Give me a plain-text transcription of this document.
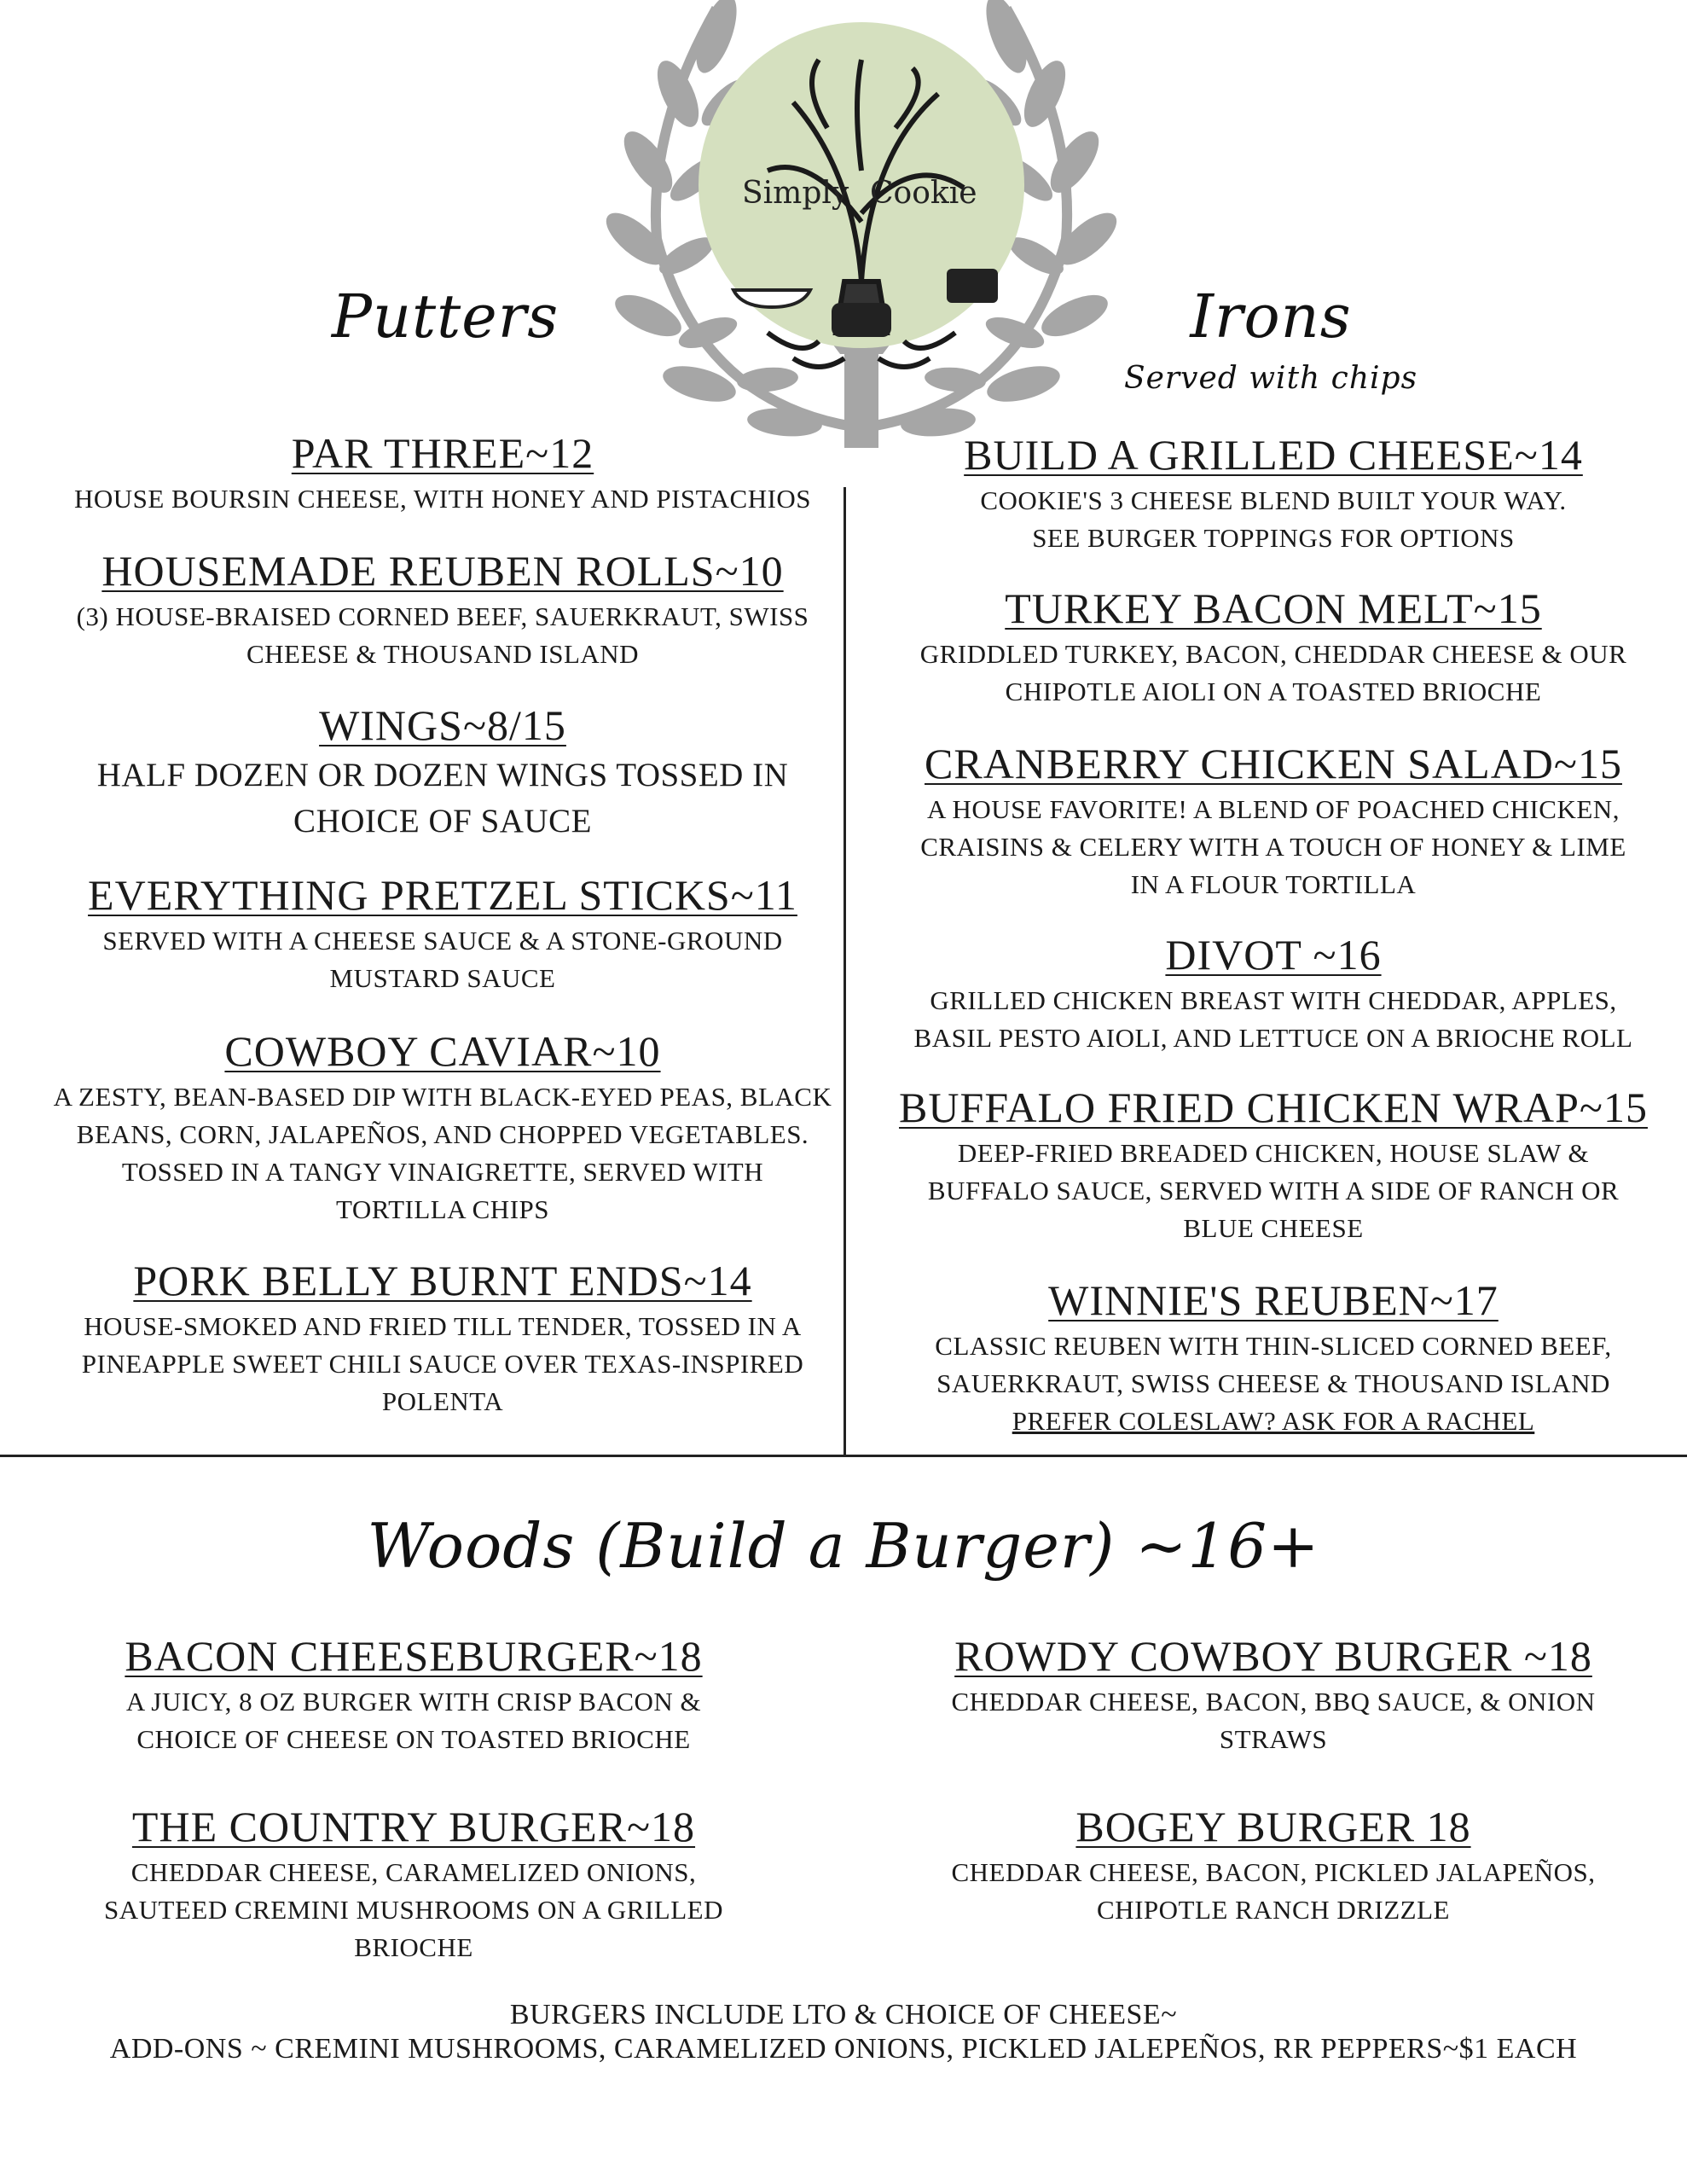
Simply Cookie
Putters	Irons
Served with chips
PAR THREE~12
HOUSE BOURSIN CHEESE, WITH HONEY AND PISTACHIOS
HOUSEMADE REUBEN ROLLS~10
(3) HOUSE-BRAISED CORNED BEEF, SAUERKRAUT, SWISS
CHEESE & THOUSAND ISLAND
WINGS~8/15
HALF DOZEN OR DOZEN WINGS TOSSED IN
CHOICE OF SAUCE
EVERYTHING PRETZEL STICKS~11
SERVED WITH A CHEESE SAUCE & A STONE-GROUND
MUSTARD SAUCE
COWBOY CAVIAR~10
A ZESTY, BEAN-BASED DIP WITH BLACK-EYED PEAS, BLACK
BEANS, CORN, JALAPEÑOS, AND CHOPPED VEGETABLES.
TOSSED IN A TANGY VINAIGRETTE, SERVED WITH
TORTILLA CHIPS
PORK BELLY BURNT ENDS~14
HOUSE-SMOKED AND FRIED TILL TENDER, TOSSED IN A
PINEAPPLE SWEET CHILI SAUCE OVER TEXAS-INSPIRED
POLENTA
BUILD A GRILLED CHEESE~14
COOKIE'S 3 CHEESE BLEND BUILT YOUR WAY.
SEE BURGER TOPPINGS FOR OPTIONS
TURKEY BACON MELT~15
GRIDDLED TURKEY, BACON, CHEDDAR CHEESE & OUR
CHIPOTLE AIOLI ON A TOASTED BRIOCHE
CRANBERRY CHICKEN SALAD~15
A HOUSE FAVORITE! A BLEND OF POACHED CHICKEN,
CRAISINS & CELERY WITH A TOUCH OF HONEY & LIME
IN A FLOUR TORTILLA
DIVOT ~16
GRILLED CHICKEN BREAST WITH CHEDDAR, APPLES,
BASIL PESTO AIOLI, AND LETTUCE ON A BRIOCHE ROLL
BUFFALO FRIED CHICKEN WRAP~15
DEEP-FRIED BREADED CHICKEN, HOUSE SLAW &
BUFFALO SAUCE, SERVED WITH A SIDE OF RANCH OR
BLUE CHEESE
WINNIE'S REUBEN~17
CLASSIC REUBEN WITH THIN-SLICED CORNED BEEF,
SAUERKRAUT, SWISS CHEESE & THOUSAND ISLAND
PREFER COLESLAW? ASK FOR A RACHEL
Woods (Build a Burger) ~16+
BACON CHEESEBURGER~18
A JUICY, 8 OZ BURGER WITH CRISP BACON &
CHOICE OF CHEESE ON TOASTED BRIOCHE
ROWDY COWBOY BURGER ~18
CHEDDAR CHEESE, BACON, BBQ SAUCE, & ONION
STRAWS
THE COUNTRY BURGER~18
CHEDDAR CHEESE, CARAMELIZED ONIONS,
SAUTEED CREMINI MUSHROOMS ON A GRILLED
BRIOCHE
BOGEY BURGER 18
CHEDDAR CHEESE, BACON, PICKLED JALAPEÑOS,
CHIPOTLE RANCH DRIZZLE
BURGERS INCLUDE LTO & CHOICE OF CHEESE~
ADD-ONS ~ CREMINI MUSHROOMS, CARAMELIZED ONIONS, PICKLED JALEPEÑOS, RR PEPPERS~$1 EACH
